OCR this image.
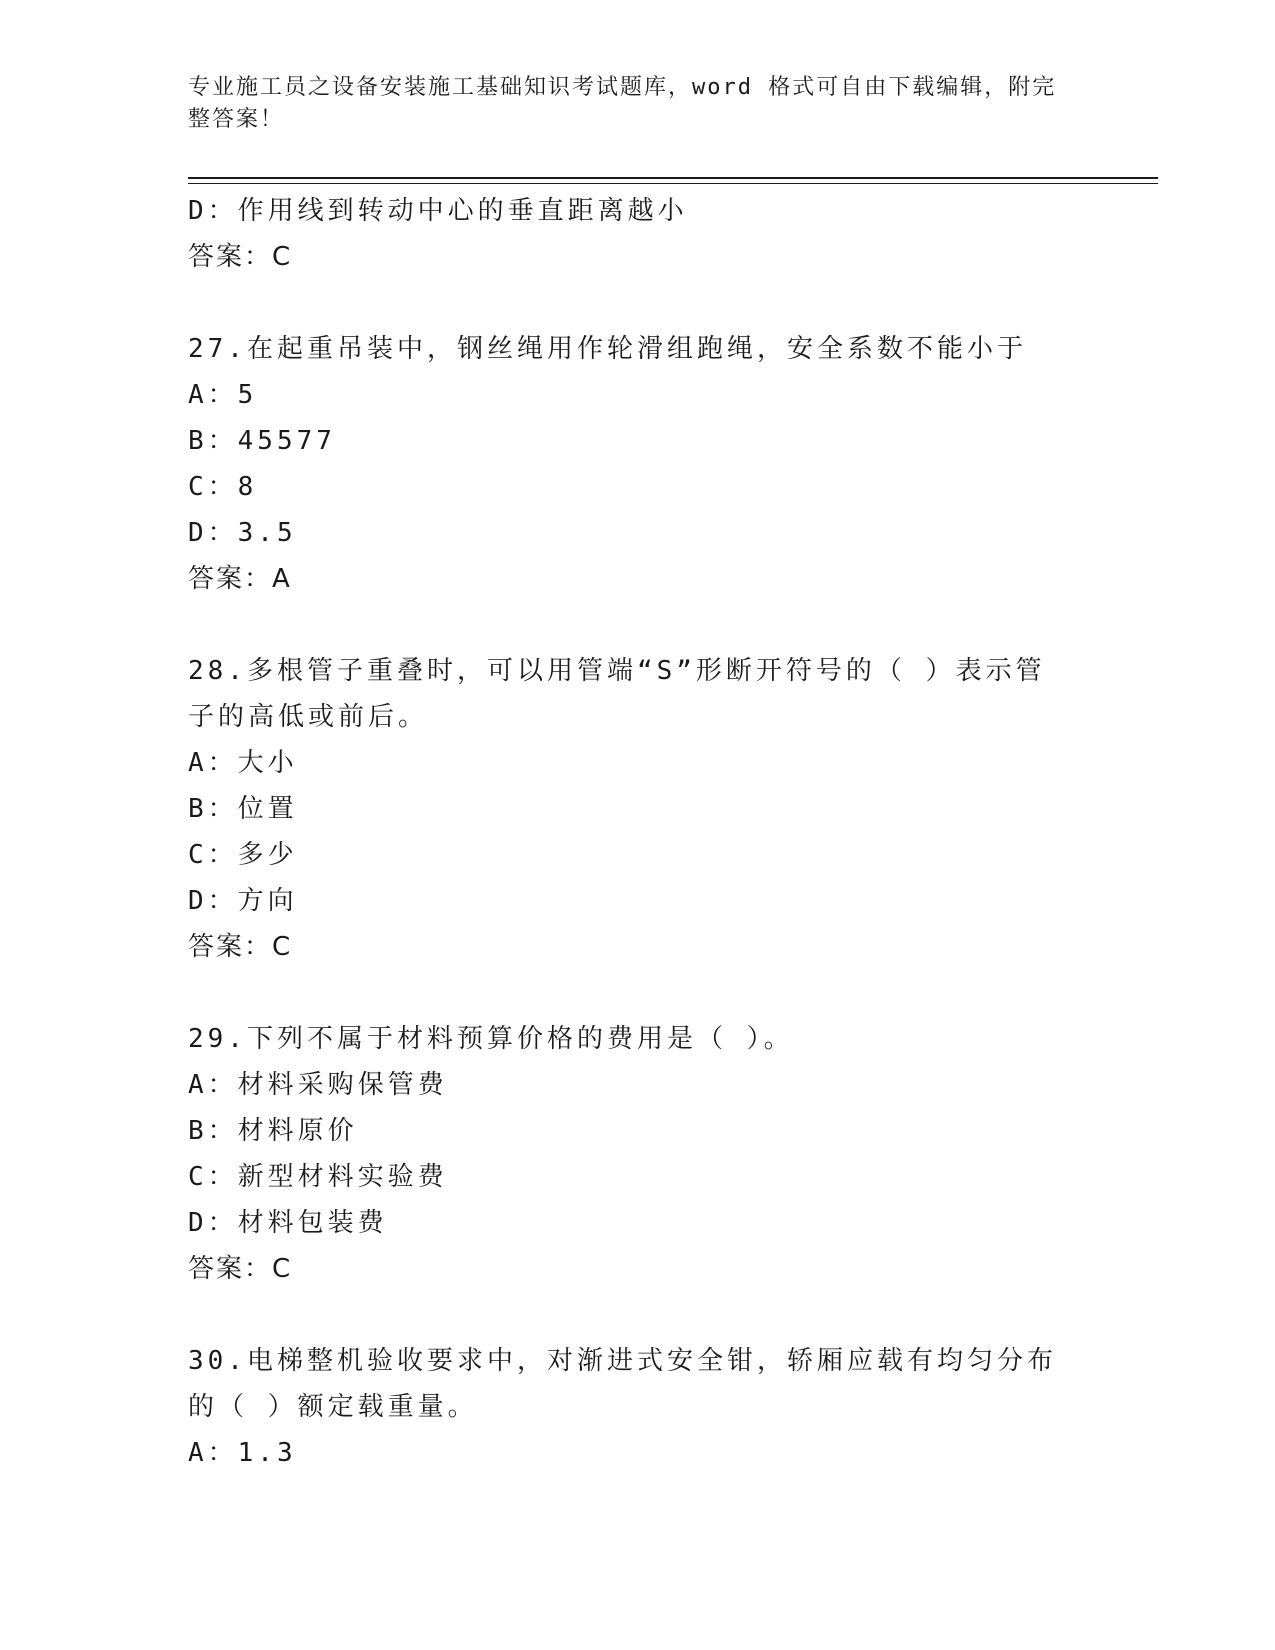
专业施工员之设备安装施工基础知识考试题库，word 格式可自由下载编辑，附完整答案！
D：作用线到转动中心的垂直距离越小
答案：C
27.在起重吊装中，钢丝绳用作轮滑组跑绳，安全系数不能小于
A：5
B：45577
C：8
D：3.5
答案：A
28.多根管子重叠时，可以用管端“S”形断开符号的（ ）表示管子的高低或前后。
A：大小
B：位置
C：多少
D：方向
答案：C
29.下列不属于材料预算价格的费用是（ ）。
A：材料采购保管费
B：材料原价
C：新型材料实验费
D：材料包装费
答案：C
30.电梯整机验收要求中，对渐进式安全钳，轿厢应载有均匀分布的（ ）额定载重量。
A：1.3
